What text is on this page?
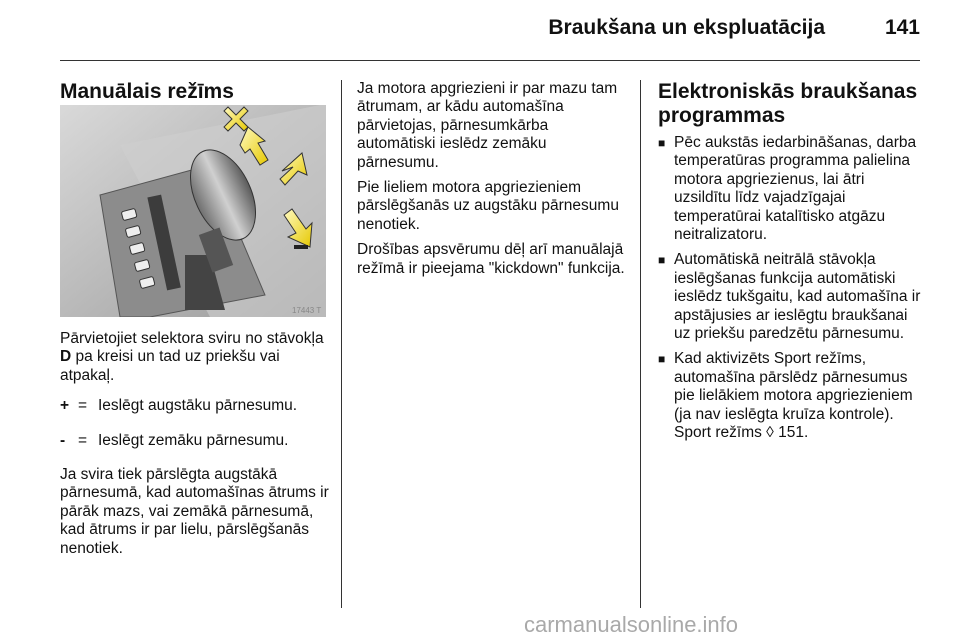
Braukšana un ekspluatācija	141
Manuālais režīms
17443 T

Pārvietojiet selektora sviru no stāvokļa D pa kreisi un tad uz priekšu vai atpakaļ.

+ = Ieslēgt augstāku pārnesumu.
- = Ieslēgt zemāku pārnesumu.

Ja svira tiek pārslēgta augstākā pārnesumā, kad automašīnas ātrums ir pārāk mazs, vai zemākā pārnesumā, kad ātrums ir par lielu, pārslēgšanās nenotiek.

Ja motora apgriezieni ir par mazu tam ātrumam, ar kādu automašīna pārvietojas, pārnesumkārba automātiski ieslēdz zemāku pārnesumu.

Pie lieliem motora apgriezieniem pārslēgšanās uz augstāku pārnesumu nenotiek.

Drošības apsvērumu dēļ arī manuālajā režīmā ir pieejama "kickdown" funkcija.

Elektroniskās braukšanas programmas
■ Pēc aukstās iedarbināšanas, darba temperatūras programma palielina motora apgriezienus, lai ātri uzsildītu līdz vajadzīgajai temperatūrai katalītisko atgāzu neitralizatoru.
■ Automātiskā neitrālā stāvokļa ieslēgšanas funkcija automātiski ieslēdz tukšgaitu, kad automašīna ir apstājusies ar ieslēgtu braukšanai uz priekšu paredzētu pārnesumu.
■ Kad aktivizēts Sport režīms, automašīna pārslēdz pārnesumus pie lielākiem motora apgriezieniem (ja nav ieslēgta kruīza kontrole). Sport režīms ◊ 151.
carmanualsonline.info
